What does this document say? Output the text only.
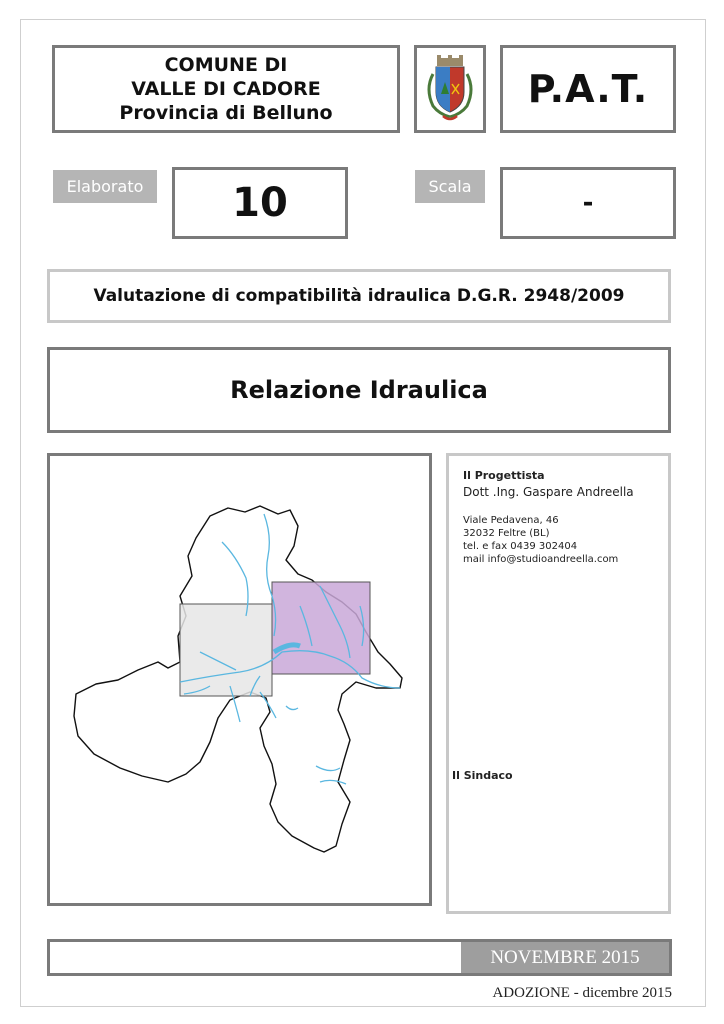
COMUNE DI
VALLE DI CADORE
Provincia di Belluno
P.A.T.
Elaborato	10	Scala
-
Valutazione di compatibilità idraulica D.G.R. 2948/2009
Relazione Idraulica
Il Progettista
Dott .Ing. Gaspare Andreella
Viale Pedavena, 46
32032 Feltre (BL)
tel. e fax 0439 302404
mail info@studioandreella.com
Il Sindaco
NOVEMBRE 2015
ADOZIONE - dicembre 2015
